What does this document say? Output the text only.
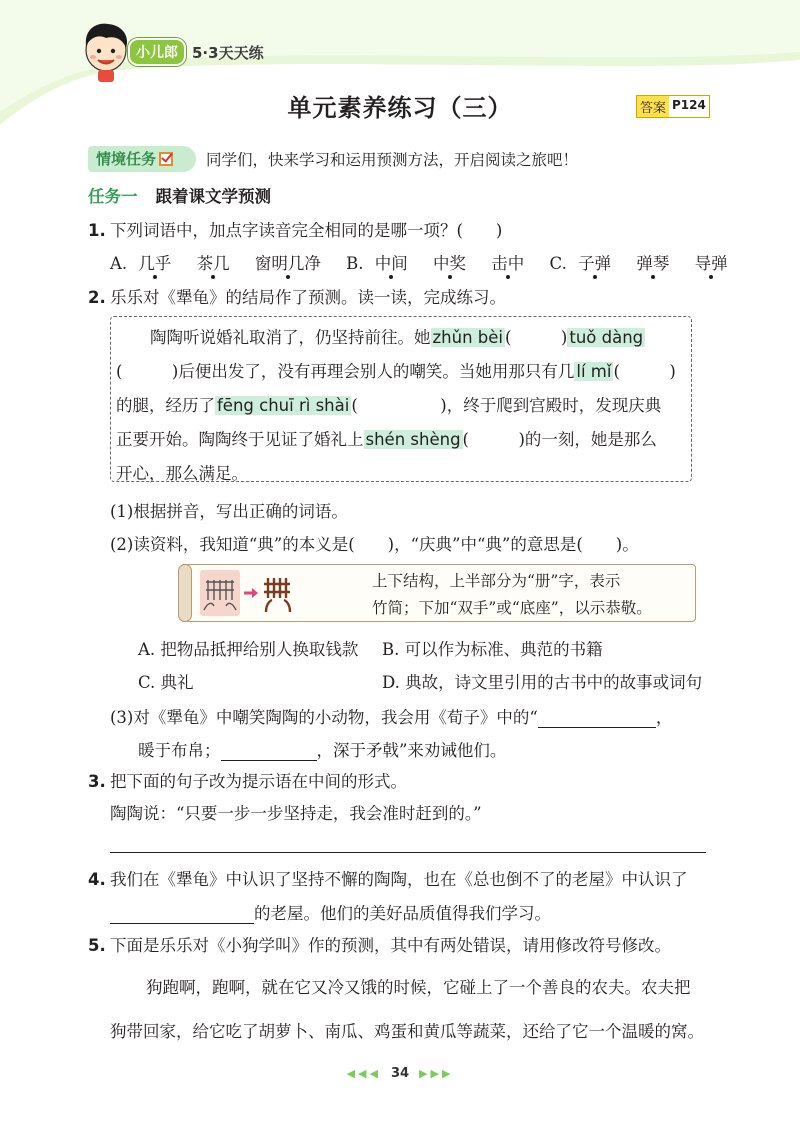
小儿郎 5·3天天练
单元素养练习（三）	答案 P124
情境任务	同学们，快来学习和运用预测方法，开启阅读之旅吧！
任务一 跟着课文学预测
1. 下列词语中，加点字读音完全相同的是哪一项？(　　)
A. 几乎 茶几 窗明几净 B. 中间 中奖 击中 C. 子弹 弹琴 导弹
2. 乐乐对《犟龟》的结局作了预测。读一读，完成练习。
陶陶听说婚礼取消了，仍坚持前往。她 zhǔn bèi (　　　) tuǒ dàng
(　　　)后便出发了，没有再理会别人的嘲笑。当她用那只有几 lí mǐ (　　　)
的腿，经历了 fēng chuī rì shài (　　　　　)，终于爬到宫殿时，发现庆典
正要开始。陶陶终于见证了婚礼上 shén shèng (　　　)的一刻，她是那么
开心，那么满足。
(1)根据拼音，写出正确的词语。
(2)读资料，我知道“典”的本义是(　　)，“庆典”中“典”的意思是(　　)。
上下结构，上半部分为“册”字，表示
竹简；下加“双手”或“底座”，以示恭敬。
A. 把物品抵押给别人换取钱款 B. 可以作为标准、典范的书籍
C. 典礼	D. 典故，诗文里引用的古书中的故事或词句
(3)对《犟龟》中嘲笑陶陶的小动物，我会用《荀子》中的“	，
暖于布帛；	，深于矛戟”来劝诫他们。
3. 把下面的句子改为提示语在中间的形式。
陶陶说：“只要一步一步坚持走，我会准时赶到的。”
4. 我们在《犟龟》中认识了坚持不懈的陶陶，也在《总也倒不了的老屋》中认识了
的老屋。他们的美好品质值得我们学习。
5. 下面是乐乐对《小狗学叫》作的预测，其中有两处错误，请用修改符号修改。
狗跑啊，跑啊，就在它又冷又饿的时候，它碰上了一个善良的农夫。农夫把
狗带回家，给它吃了胡萝卜、南瓜、鸡蛋和黄瓜等蔬菜，还给了它一个温暖的窝。
◀◀◀ 34 ▶▶▶
